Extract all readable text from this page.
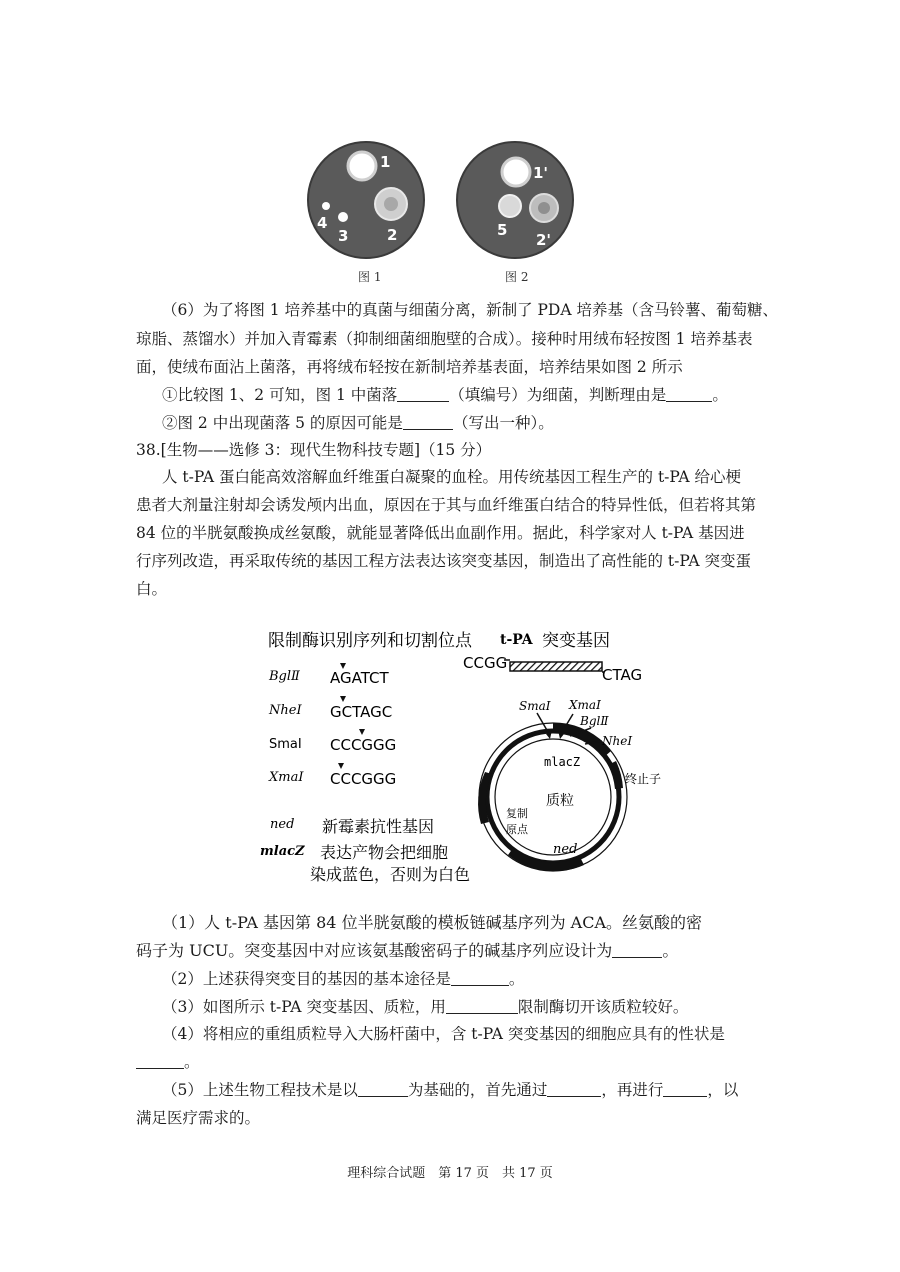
1
2
3
4
1'
2'
5
图 1	图 2
（6）为了将图 1 培养基中的真菌与细菌分离，新制了 PDA 培养基（含马铃薯、葡萄糖、
琼脂、蒸馏水）并加入青霉素（抑制细菌细胞壁的合成）。接种时用绒布轻按图 1 培养基表
面，使绒布面沾上菌落，再将绒布轻按在新制培养基表面，培养结果如图 2 所示
①比较图 1、2 可知，图 1 中菌落	（填编号）为细菌，判断理由是	。
②图 2 中出现菌落 5 的原因可能是	（写出一种）。
38.[生物——选修 3：现代生物科技专题]（15 分）
人 t-PA 蛋白能高效溶解血纤维蛋白凝聚的血栓。用传统基因工程生产的 t-PA 给心梗
患者大剂量注射却会诱发颅内出血，原因在于其与血纤维蛋白结合的特异性低，但若将其第
84 位的半胱氨酸换成丝氨酸，就能显著降低出血副作用。据此，科学家对人 t-PA 基因进
行序列改造，再采取传统的基因工程方法表达该突变基因，制造出了高性能的 t-PA 突变蛋
白。
限制酶识别序列和切割位点 t-PA 突变基因
CCGG
CTAG
BglⅡ AGATCT
NheⅠ GCTAGC
SmaⅠ CCCGGG
XmaⅠ CCCGGG
ned 新霉素抗性基因
mlacZ 表达产物会把细胞
染成蓝色，否则为白色
SmaⅠ XmaⅠ
BglⅡ
NheⅠ
mlacZ
质粒
复制
原点
ned
终止子
（1）人 t-PA 基因第 84 位半胱氨酸的模板链碱基序列为 ACA。丝氨酸的密
码子为 UCU。突变基因中对应该氨基酸密码子的碱基序列应设计为	。
（2）上述获得突变目的基因的基本途径是	。
（3）如图所示 t-PA 突变基因、质粒，用	限制酶切开该质粒较好。
（4）将相应的重组质粒导入大肠杆菌中，含 t-PA 突变基因的细胞应具有的性状是
。
（5）上述生物工程技术是以	为基础的，首先通过	，再进行	，以
满足医疗需求的。
理科综合试题　第 17 页　共 17 页
